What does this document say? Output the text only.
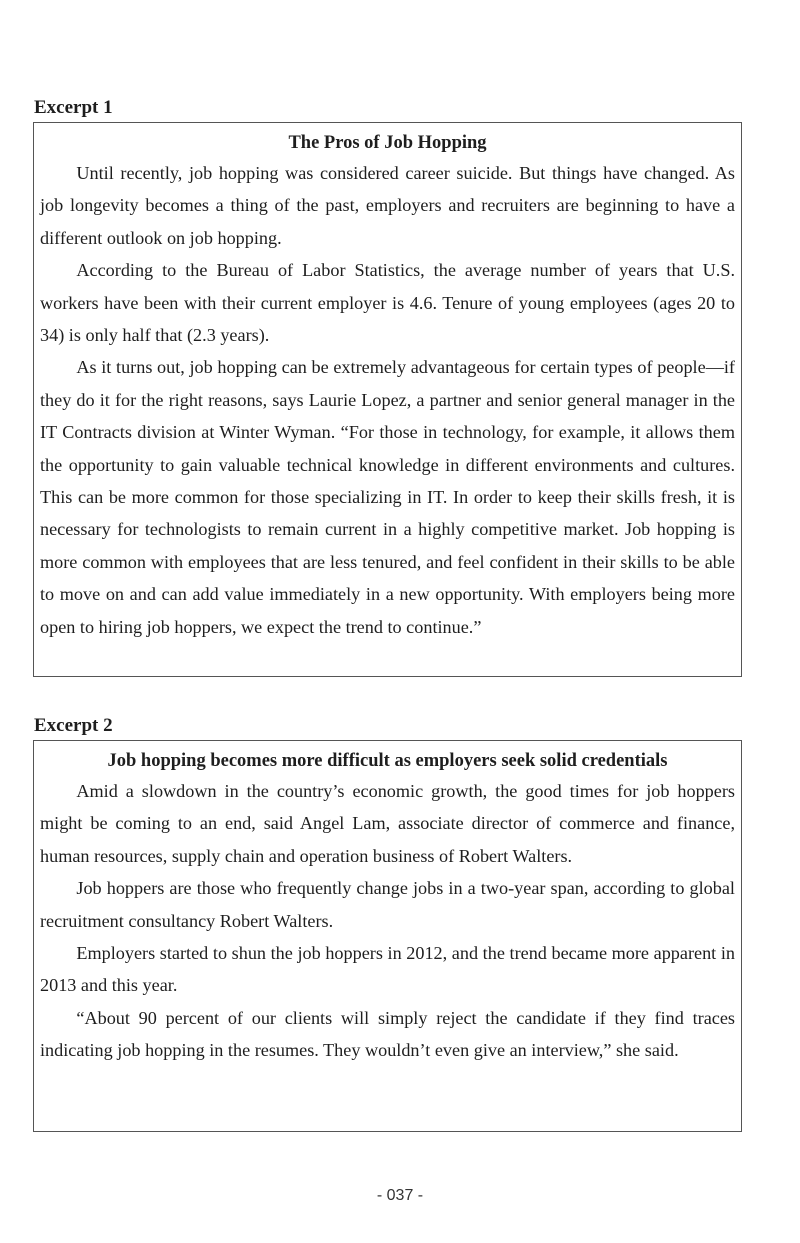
Excerpt 1
The Pros of Job Hopping

Until recently, job hopping was considered career suicide. But things have changed. As job longevity becomes a thing of the past, employers and recruiters are beginning to have a different outlook on job hopping.

According to the Bureau of Labor Statistics, the average number of years that U.S. workers have been with their current employer is 4.6. Tenure of young employees (ages 20 to 34) is only half that (2.3 years).

As it turns out, job hopping can be extremely advantageous for certain types of people—if they do it for the right reasons, says Laurie Lopez, a partner and senior general manager in the IT Contracts division at Winter Wyman. “For those in technology, for example, it allows them the opportunity to gain valuable technical knowledge in different environments and cultures. This can be more common for those specializing in IT. In order to keep their skills fresh, it is necessary for technologists to remain current in a highly competitive market. Job hopping is more common with employees that are less tenured, and feel confident in their skills to be able to move on and can add value immediately in a new opportunity. With employers being more open to hiring job hoppers, we expect the trend to continue.”

Excerpt 2
Job hopping becomes more difficult as employers seek solid credentials

Amid a slowdown in the country’s economic growth, the good times for job hoppers might be coming to an end, said Angel Lam, associate director of commerce and finance, human resources, supply chain and operation business of Robert Walters.

Job hoppers are those who frequently change jobs in a two-year span, according to global recruitment consultancy Robert Walters.

Employers started to shun the job hoppers in 2012, and the trend became more apparent in 2013 and this year.

“About 90 percent of our clients will simply reject the candidate if they find traces indicating job hopping in the resumes. They wouldn’t even give an interview,” she said.

- 037 -
